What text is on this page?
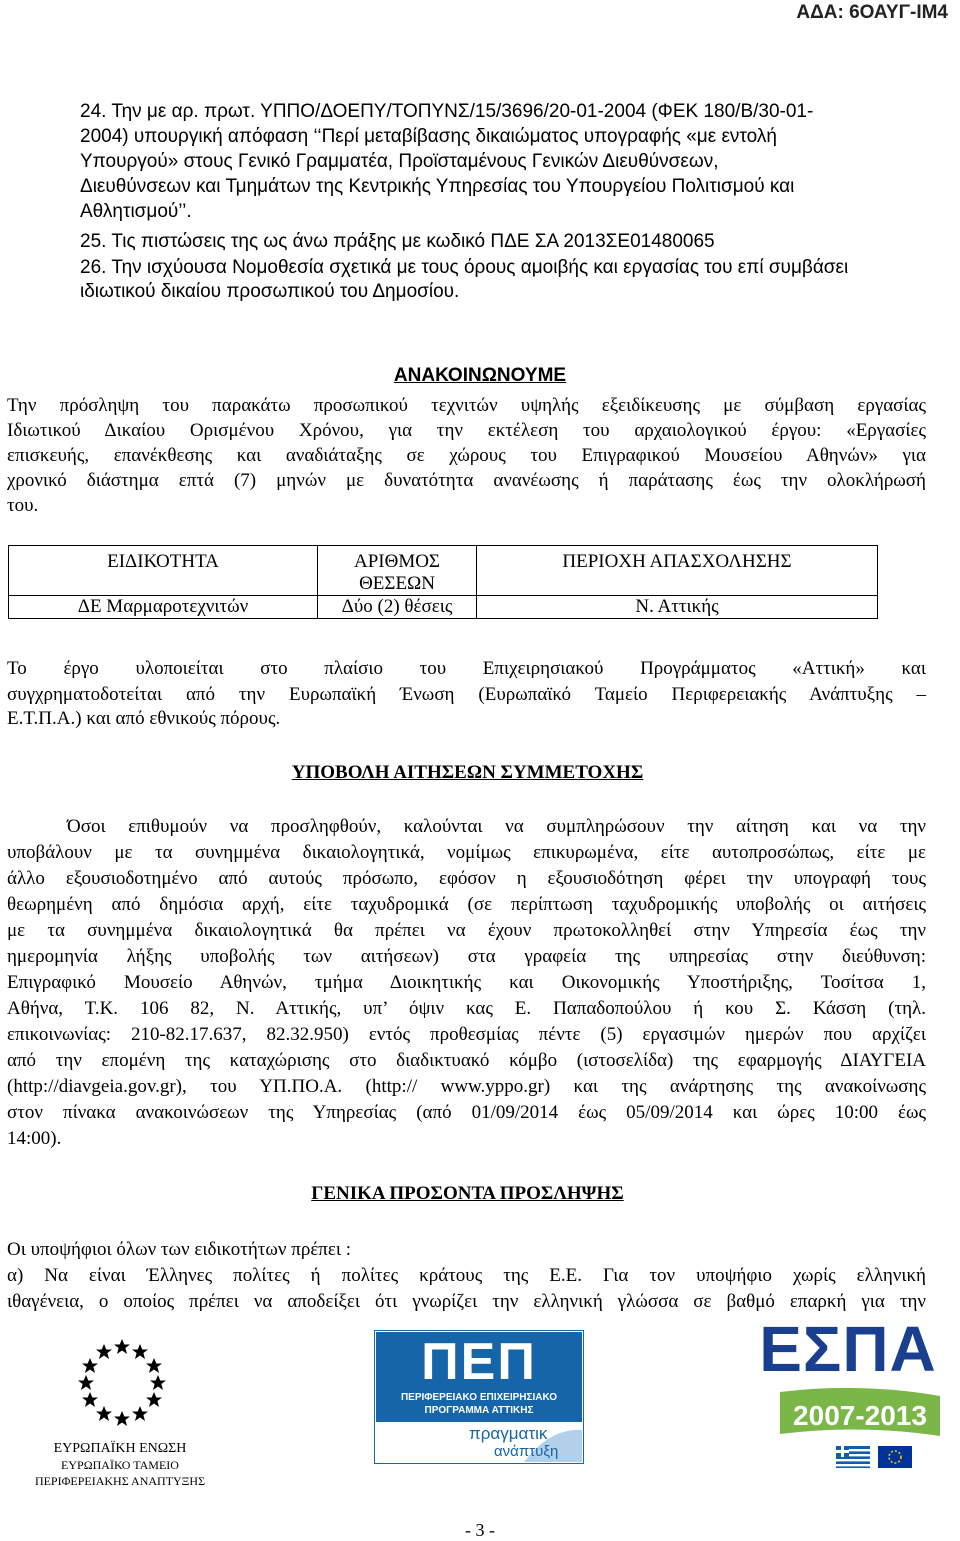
ΑΔΑ: 6ΟΑΥΓ-ΙΜ4
24. Την με αρ. πρωτ. ΥΠΠΟ/ΔΟΕΠΥ/ΤΟΠΥΝΣ/15/3696/20-01-2004 (ΦΕΚ 180/Β/30-01-
2004) υπουργική απόφαση ‘‘Περί μεταβίβασης δικαιώματος υπογραφής «με εντολή
Υπουργού» στους Γενικό Γραμματέα, Προϊσταμένους Γενικών Διευθύνσεων,
Διευθύνσεων και Τμημάτων της Κεντρικής Υπηρεσίας του Υπουργείου Πολιτισμού και
Αθλητισμού’’.
25. Τις πιστώσεις της ως άνω πράξης με κωδικό ΠΔΕ ΣΑ 2013ΣΕ01480065
26. Την ισχύουσα Νομοθεσία σχετικά με τους όρους αμοιβής και εργασίας του επί συμβάσει
ιδιωτικού δικαίου προσωπικού του Δημοσίου.
ΑΝΑΚΟΙΝΩΝΟΥΜΕ
Την πρόσληψη του παρακάτω προσωπικού τεχνιτών υψηλής εξειδίκευσης με σύμβαση εργασίας
Ιδιωτικού Δικαίου Ορισμένου Χρόνου, για την εκτέλεση του αρχαιολογικού έργου: «Εργασίες
επισκευής, επανέκθεσης και αναδιάταξης σε χώρους του Επιγραφικού Μουσείου Αθηνών» για
χρονικό διάστημα επτά (7) μηνών με δυνατότητα ανανέωσης ή παράτασης έως την ολοκλήρωσή
του.
ΕΙΔΙΚΟΤΗΤΑ	ΑΡΙΘΜΟΣ ΘΕΣΕΩΝ	ΠΕΡΙΟΧΗ ΑΠΑΣΧΟΛΗΣΗΣ
ΔΕ Μαρμαροτεχνιτών	Δύο (2) θέσεις	Ν. Αττικής
Το έργο υλοποιείται στο πλαίσιο του Επιχειρησιακού Προγράμματος «Αττική» και
συγχρηματοδοτείται από την Ευρωπαϊκή Ένωση (Ευρωπαϊκό Ταμείο Περιφερειακής Ανάπτυξης –
Ε.Τ.Π.Α.) και από εθνικούς πόρους.
ΥΠΟΒΟΛΗ ΑΙΤΗΣΕΩΝ ΣΥΜΜΕΤΟΧΗΣ
Όσοι επιθυμούν να προσληφθούν, καλούνται να συμπληρώσουν την αίτηση και να την
υποβάλουν με τα συνημμένα δικαιολογητικά, νομίμως επικυρωμένα, είτε αυτοπροσώπως, είτε με
άλλο εξουσιοδοτημένο από αυτούς πρόσωπο, εφόσον η εξουσιοδότηση φέρει την υπογραφή τους
θεωρημένη από δημόσια αρχή, είτε ταχυδρομικά (σε περίπτωση ταχυδρομικής υποβολής οι αιτήσεις
με τα συνημμένα δικαιολογητικά θα πρέπει να έχουν πρωτοκολληθεί στην Υπηρεσία έως την
ημερομηνία λήξης υποβολής των αιτήσεων) στα γραφεία της υπηρεσίας στην διεύθυνση:
Επιγραφικό Μουσείο Αθηνών, τμήμα Διοικητικής και Οικονομικής Υποστήριξης, Τοσίτσα 1,
Αθήνα, Τ.Κ. 106 82, Ν. Αττικής, υπ’ όψιν κας Ε. Παπαδοπούλου ή κου Σ. Κάσση (τηλ.
επικοινωνίας: 210-82.17.637, 82.32.950) εντός προθεσμίας πέντε (5) εργασιμών ημερών που αρχίζει
από την επομένη της καταχώρισης στο διαδικτυακό κόμβο (ιστοσελίδα) της εφαρμογής ΔΙΑΥΓΕΙΑ
(http://diavgeia.gov.gr), του ΥΠ.ΠΟ.Α. (http:// www.yppo.gr) και της ανάρτησης της ανακοίνωσης
στον πίνακα ανακοινώσεων της Υπηρεσίας (από 01/09/2014 έως 05/09/2014 και ώρες 10:00 έως
14:00).
ΓΕΝΙΚΑ ΠΡΟΣΟΝΤΑ ΠΡΟΣΛΗΨΗΣ
Οι υποψήφιοι όλων των ειδικοτήτων πρέπει :
α) Να είναι Έλληνες πολίτες ή πολίτες κράτους της Ε.Ε. Για τον υποψήφιο χωρίς ελληνική
ιθαγένεια, ο οποίος πρέπει να αποδείξει ότι γνωρίζει την ελληνική γλώσσα σε βαθμό επαρκή για την
ΕΥΡΩΠΑΪΚΗ ΕΝΩΣΗ
ΕΥΡΩΠΑΪΚΟ ΤΑΜΕΙΟ
ΠΕΡΙΦΕΡΕΙΑΚΗΣ ΑΝΑΠΤΥΞΗΣ
ΠΕΠ
ΠΕΡΙΦΕΡΕΙΑΚΟ ΕΠΙΧΕΙΡΗΣΙΑΚΟ
ΠΡΟΓΡΑΜΜΑ ΑΤΤΙΚΗΣ
πραγματικ
ανάπτυξη
ΕΣΠΑ
2007-2013
- 3 -
